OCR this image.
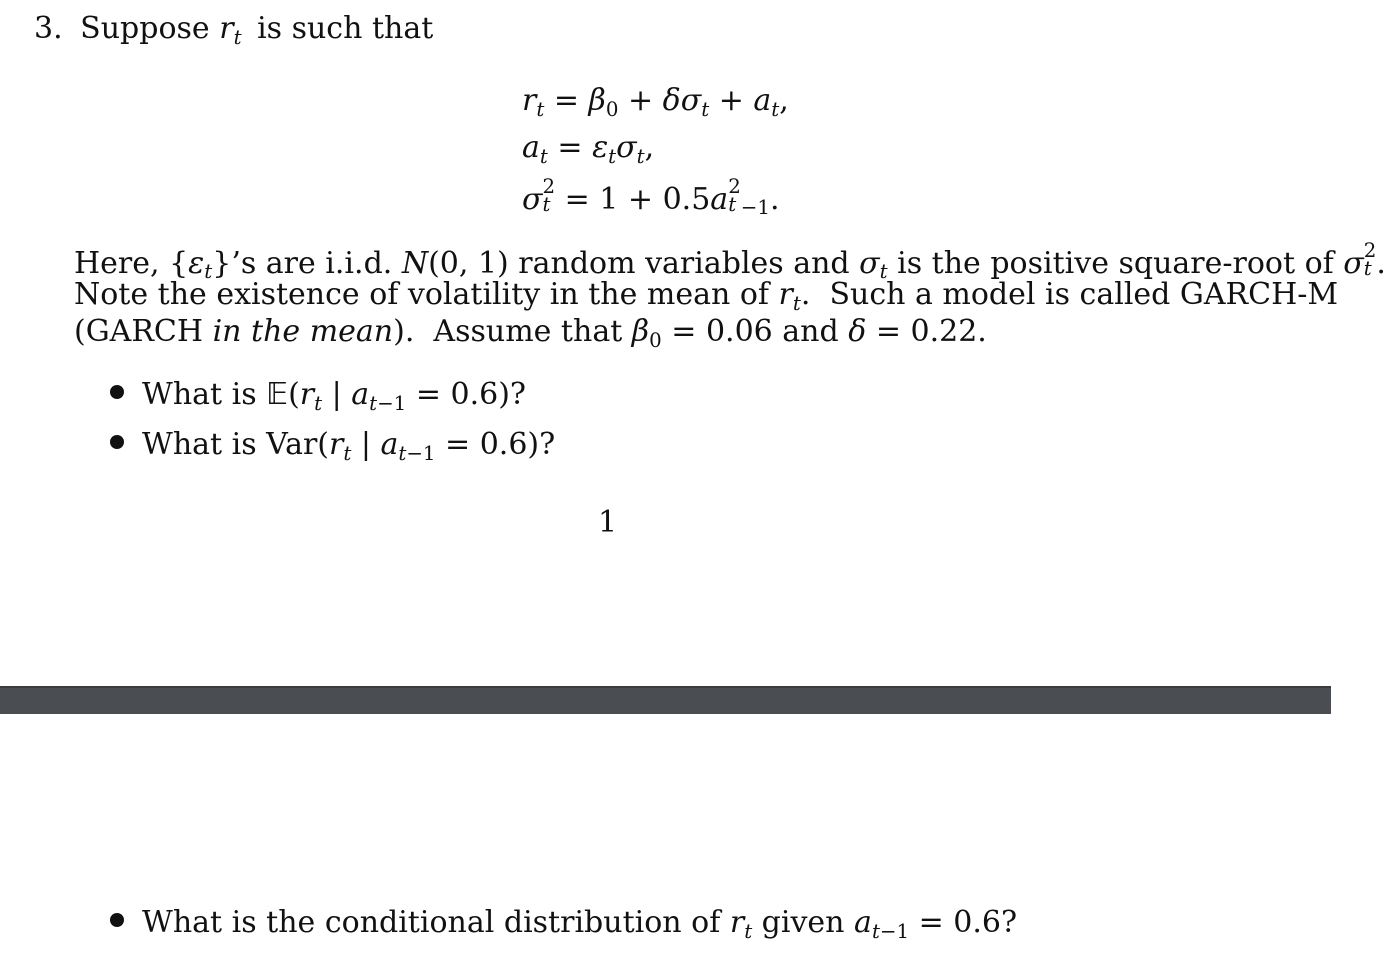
3. Suppose $r_t$ is such that
$r_t = \beta_0 + \delta\sigma_t + a_t$,
$a_t = \varepsilon_t\sigma_t$,
σ 2
t = 1 + 0.5a 2
t −1.
Here, $\{\varepsilon_t\}’s$ are i.i.d. N(0, 1) random variables and $\sigma_t$ is the positive square-root of σ 2
t .
Note the existence of volatility in the mean of $r_t$.  Such a model is called GARCH-M
(GARCH in the mean).  Assume that $\beta_0 = 0.06$ and δ = 0.22.
What is $𝔼(r_t$ | $a_{t-1} = 0.6$)?
What is $Var(r_t$ | $a_{t-1} = 0.6$)?
1
What is the conditional distribution of $r_t$ given $a_{t-1} = 0.6$?
